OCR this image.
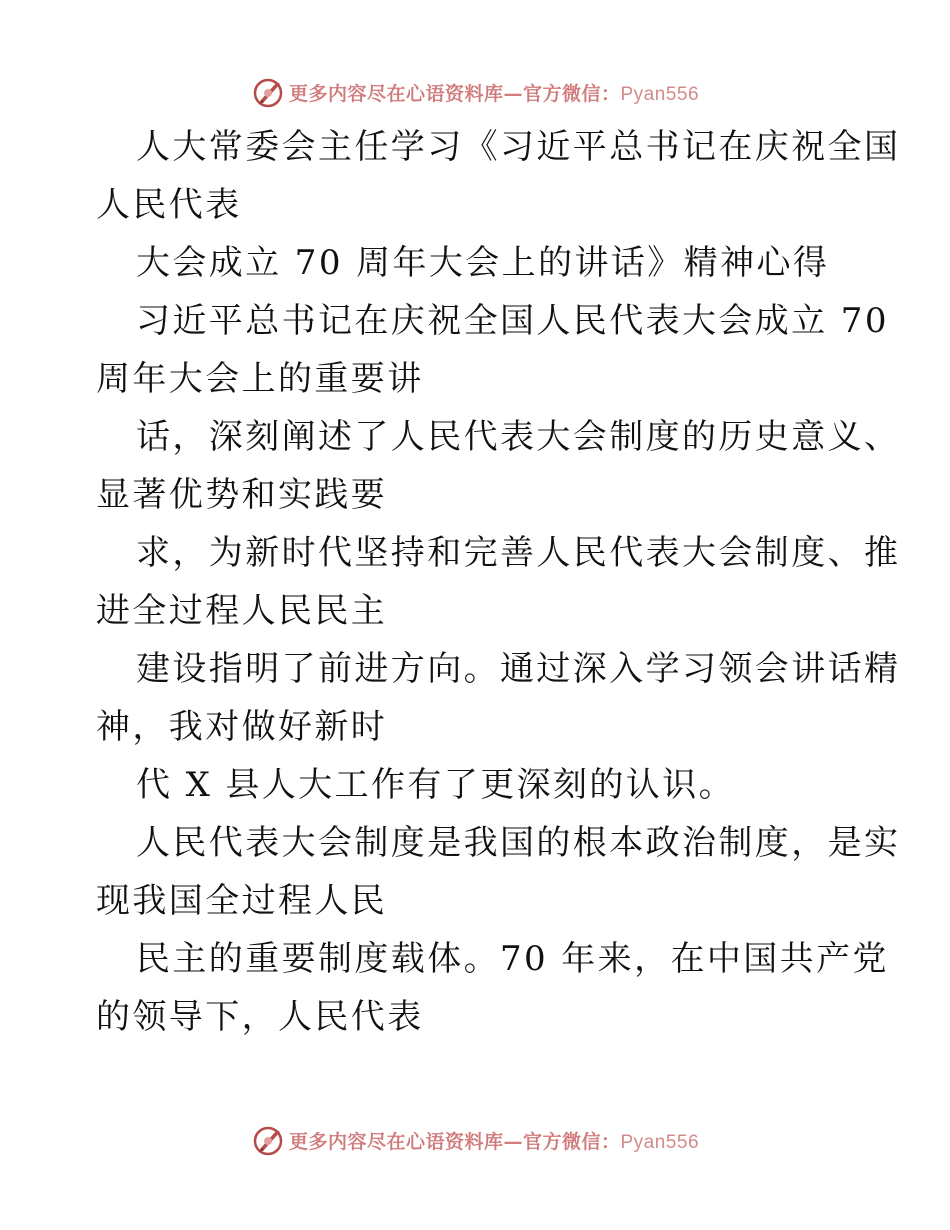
更多内容尽在心语资料库—官方微信：Pyan556
人大常委会主任学习《习近平总书记在庆祝全国
人民代表
大会成立 70 周年大会上的讲话》精神心得
习近平总书记在庆祝全国人民代表大会成立 70
周年大会上的重要讲
话，深刻阐述了人民代表大会制度的历史意义、
显著优势和实践要
求，为新时代坚持和完善人民代表大会制度、推
进全过程人民民主
建设指明了前进方向。通过深入学习领会讲话精
神，我对做好新时
代 X 县人大工作有了更深刻的认识。
人民代表大会制度是我国的根本政治制度，是实
现我国全过程人民
民主的重要制度载体。70 年来，在中国共产党
的领导下，人民代表
更多内容尽在心语资料库—官方微信：Pyan556
